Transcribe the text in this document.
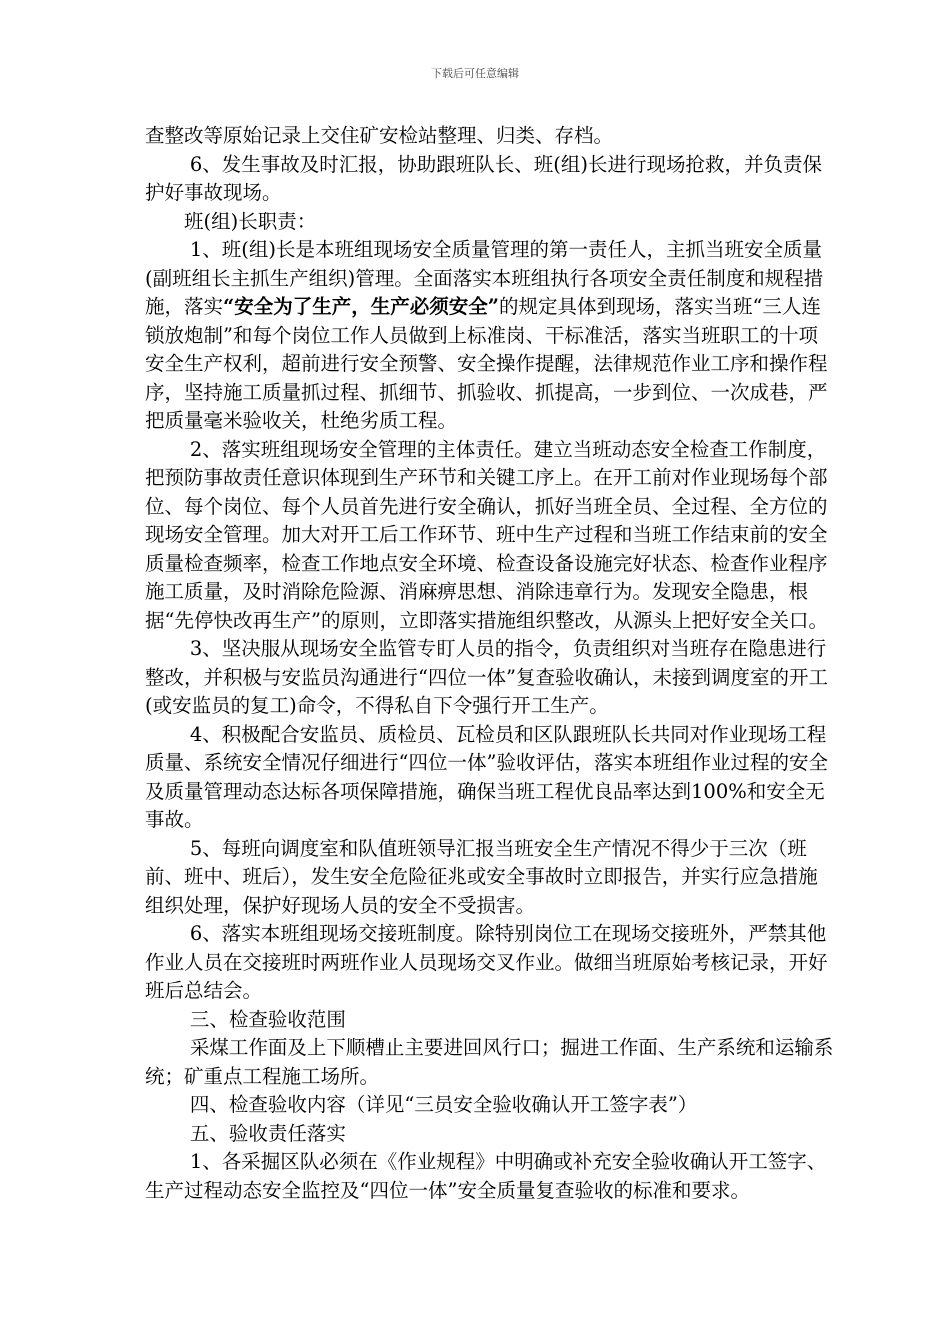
下载后可任意编辑

查整改等原始记录上交住矿安检站整理、归类、存档。

6、发生事故及时汇报，协助跟班队长、班(组)长进行现场抢救，并负责保护好事故现场。

班(组)长职责：

1、班(组)长是本班组现场安全质量管理的第一责任人，主抓当班安全质量(副班组长主抓生产组织)管理。全面落实本班组执行各项安全责任制度和规程措施，落实“安全为了生产，生产必须安全”的规定具体到现场，落实当班“三人连锁放炮制”和每个岗位工作人员做到上标准岗、干标准活，落实当班职工的十项安全生产权利，超前进行安全预警、安全操作提醒，法律规范作业工序和操作程序，坚持施工质量抓过程、抓细节、抓验收、抓提高，一步到位、一次成巷，严把质量毫米验收关，杜绝劣质工程。

2、落实班组现场安全管理的主体责任。建立当班动态安全检查工作制度，把预防事故责任意识体现到生产环节和关键工序上。在开工前对作业现场每个部位、每个岗位、每个人员首先进行安全确认，抓好当班全员、全过程、全方位的现场安全管理。加大对开工后工作环节、班中生产过程和当班工作结束前的安全质量检查频率，检查工作地点安全环境、检查设备设施完好状态、检查作业程序施工质量，及时消除危险源、消麻痹思想、消除违章行为。发现安全隐患，根据“先停快改再生产”的原则，立即落实措施组织整改，从源头上把好安全关口。

3、坚决服从现场安全监管专盯人员的指令，负责组织对当班存在隐患进行整改，并积极与安监员沟通进行“四位一体”复查验收确认，未接到调度室的开工(或安监员的复工)命令，不得私自下令强行开工生产。

4、积极配合安监员、质检员、瓦检员和区队跟班队长共同对作业现场工程质量、系统安全情况仔细进行“四位一体”验收评估，落实本班组作业过程的安全及质量管理动态达标各项保障措施，确保当班工程优良品率达到100%和安全无事故。

5、每班向调度室和队值班领导汇报当班安全生产情况不得少于三次（班前、班中、班后），发生安全危险征兆或安全事故时立即报告，并实行应急措施组织处理，保护好现场人员的安全不受损害。

6、落实本班组现场交接班制度。除特别岗位工在现场交接班外，严禁其他作业人员在交接班时两班作业人员现场交叉作业。做细当班原始考核记录，开好班后总结会。

三、检查验收范围

采煤工作面及上下顺槽止主要进回风行口；掘进工作面、生产系统和运输系统；矿重点工程施工场所。

四、检查验收内容（详见“三员安全验收确认开工签字表”）

五、验收责任落实

1、各采掘区队必须在《作业规程》中明确或补充安全验收确认开工签字、生产过程动态安全监控及“四位一体”安全质量复查验收的标准和要求。
